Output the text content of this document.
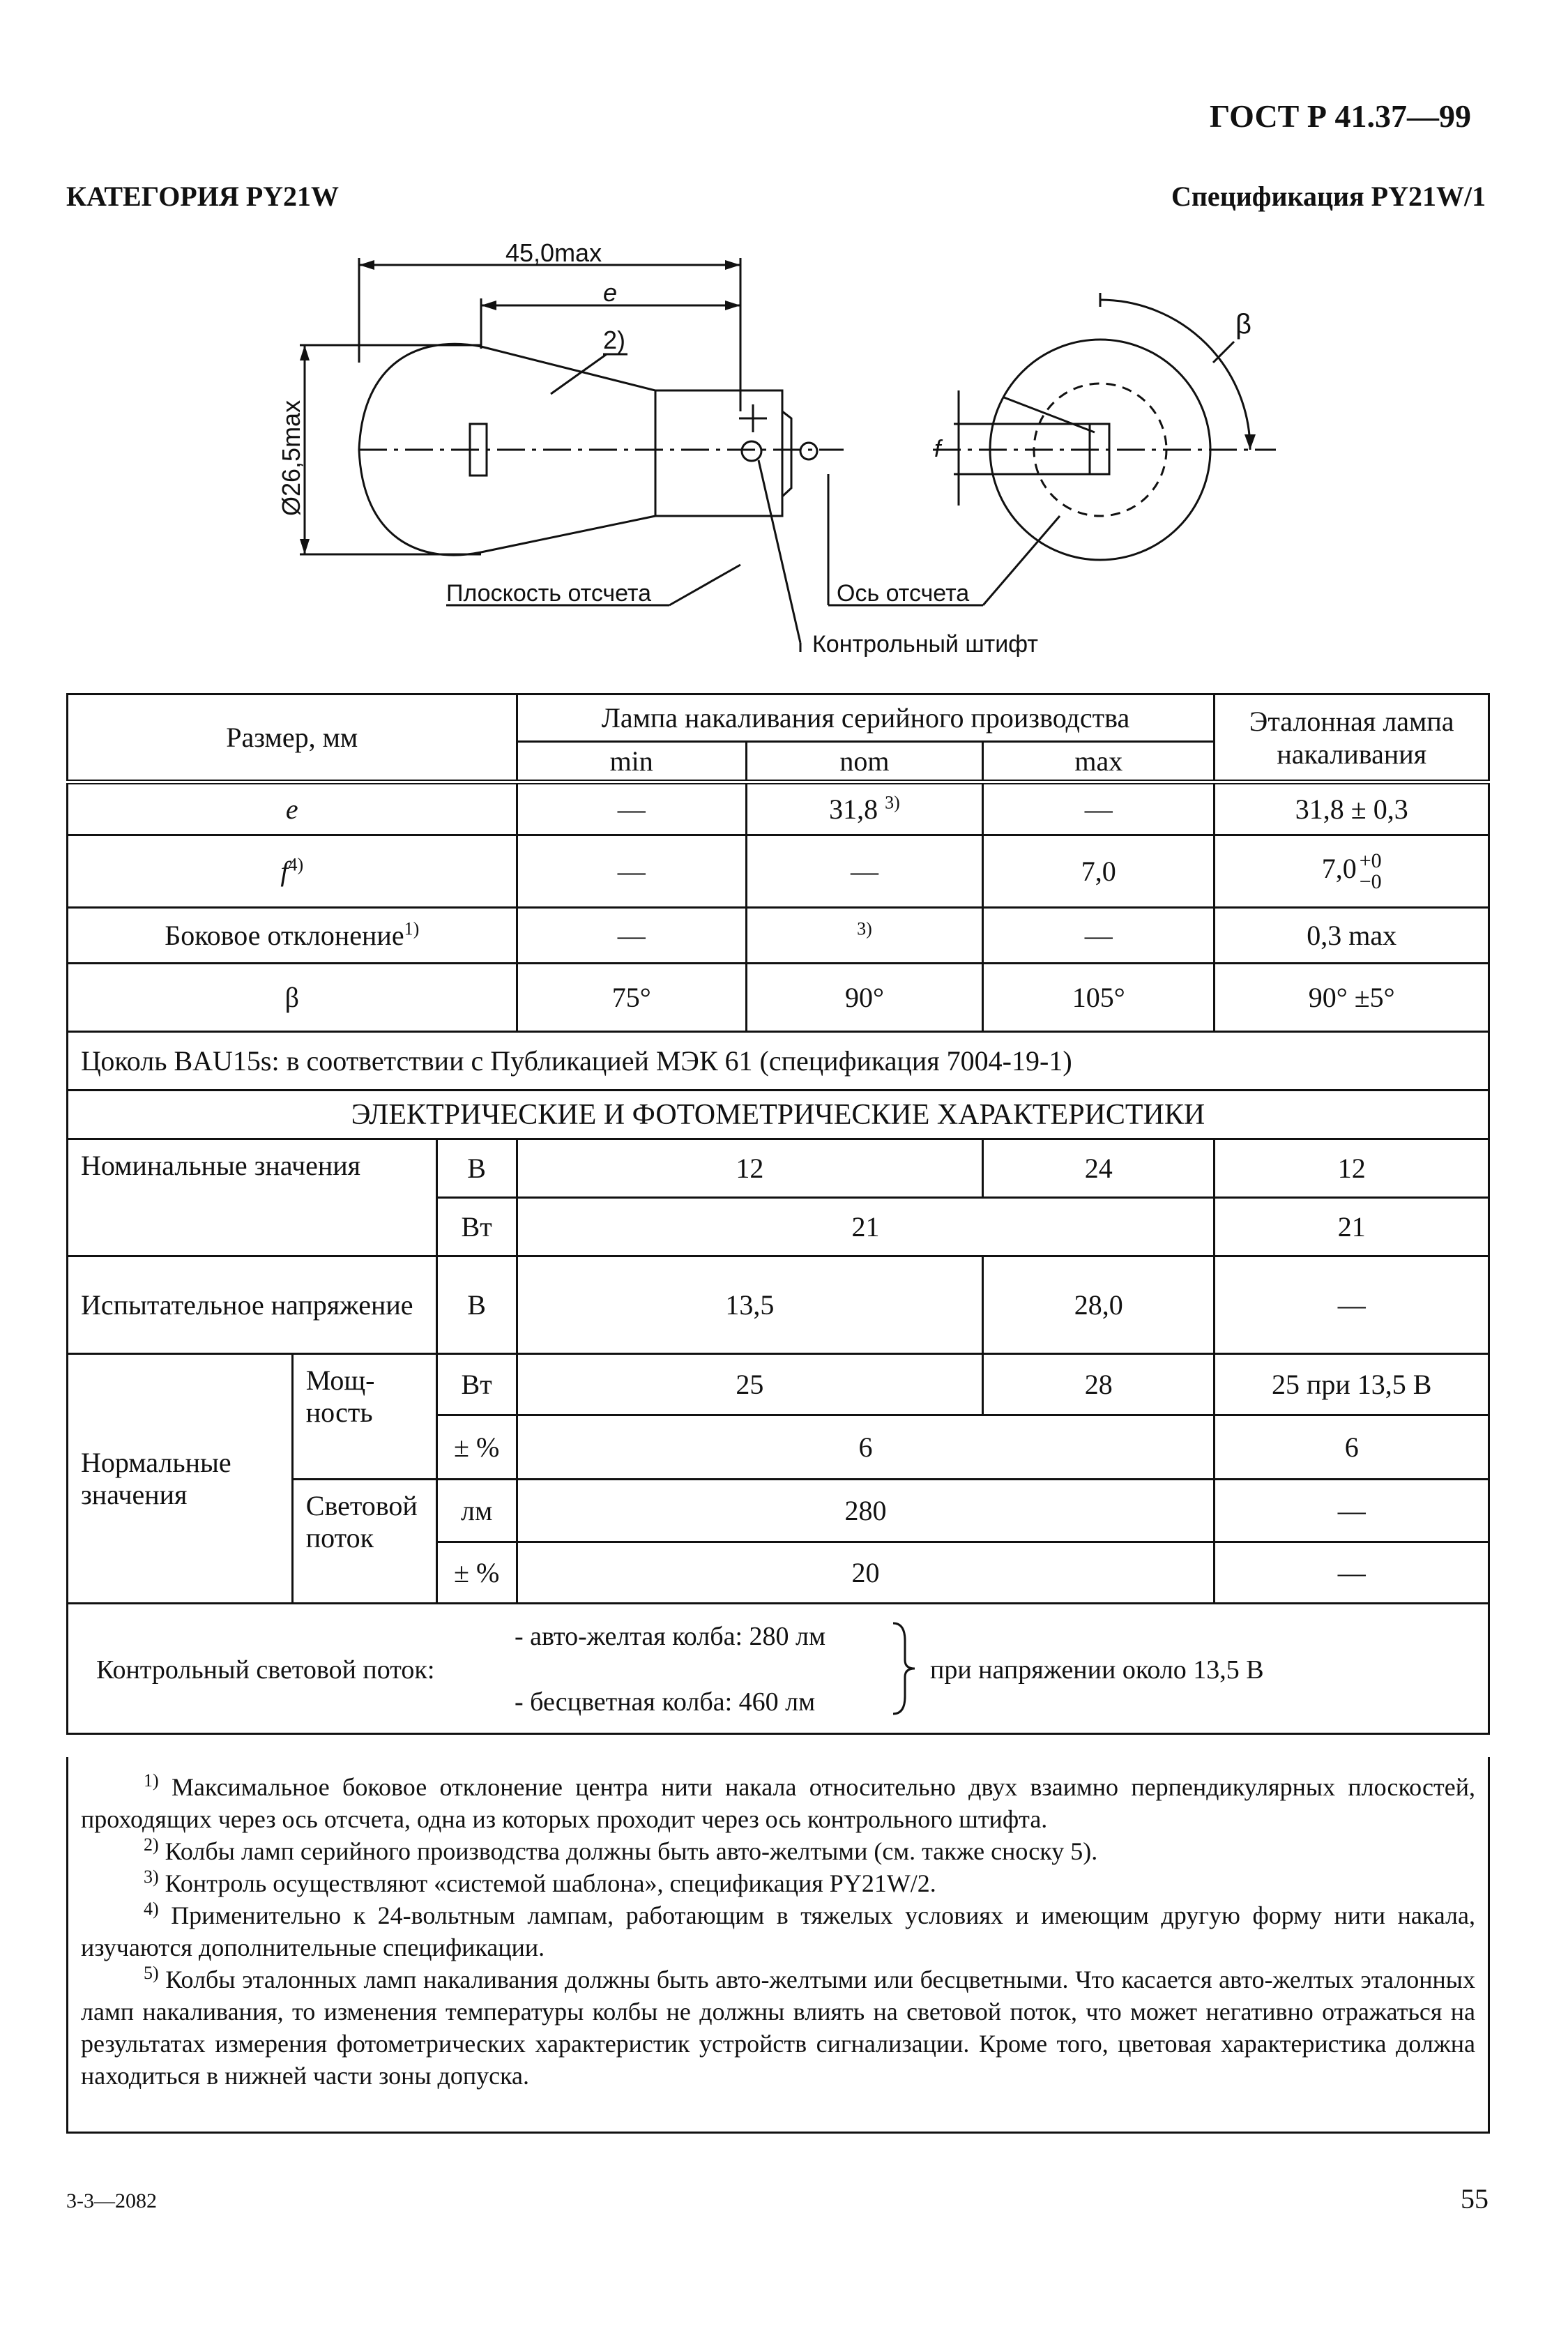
ГОСТ Р 41.37—99
КАТЕГОРИЯ PY21W	Спецификация PY21W/1
45,0max
e
2)
Ø26,5max
Плоскость отсчета	Ось отсчета
Контрольный штифт
f
β
Размер, мм			Лампа накаливания серийного производства			Эталонная лампа накаливания
			min	nom	max	
e			—	31,8 $^{3)}$	—	31,8 ± 0,3
$f^{4)}$			—	—	7,0	7,0 +0
−0

Боковое отклонение$^{1)}$			—	$^{3)}$	—	0,3 max
β			75°	90°	105°	90° ±5°
Цоколь BAU15s: в соответствии с Публикацией МЭК 61 (спецификация 7004-19-1)						
ЭЛЕКТРИЧЕСКИЕ И ФОТОМЕТРИЧЕСКИЕ ХАРАКТЕРИСТИКИ						
Номинальные значения		В	12		24	12
		Вт	21			21
Испытательное напряжение		В	13,5		28,0	—
Нормальные значения	Мощ-ность	Вт	25		28	25 при 13,5 В
		± %	6			6
	Световой поток	лм	280			—
		± %	20			—

Контрольный световой поток:
- авто-желтая колба: 280 лм
- бесцветная колба: 460 лм
при напряжении около 13,5 В						

$^{1)}$ Максимальное боковое отклонение центра нити накала относительно двух взаимно перпендикулярных плоскостей, проходящих через ось отсчета, одна из которых проходит через ось контрольного штифта.

$^{2)}$ Колбы ламп серийного производства должны быть авто-желтыми (см. также сноску 5).

$^{3)}$ Контроль осуществляют «системой шаблона», спецификация PY21W/2.

$^{4)}$ Применительно к 24-вольтным лампам, работающим в тяжелых условиях и имеющим другую форму нити накала, изучаются дополнительные спецификации.

$^{5)}$ Колбы эталонных ламп накаливания должны быть авто-желтыми или бесцветными. Что касается авто-желтых эталонных ламп накаливания, то изменения температуры колбы не должны влиять на световой поток, что может негативно отражаться на результатах измерения фотометрических характеристик устройств сигнализации. Кроме того, цветовая характеристика должна находиться в нижней части зоны допуска.

3-3—2082	55
